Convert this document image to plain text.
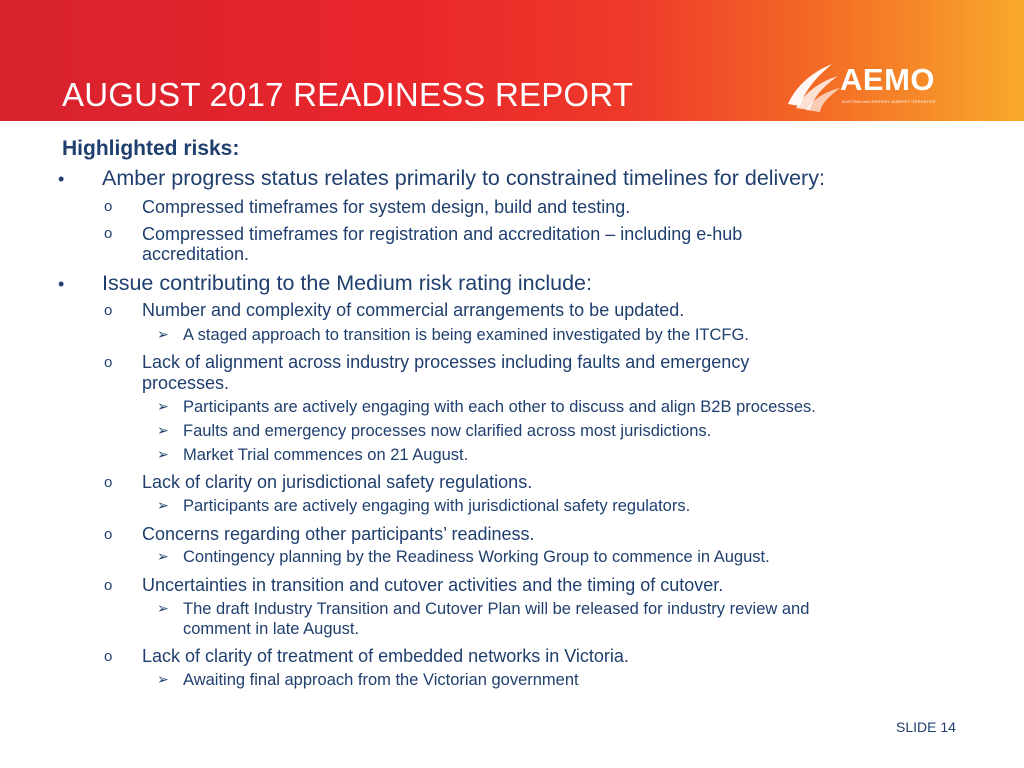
AUGUST 2017 READINESS REPORT	AEMO
AUSTRALIAN ENERGY MARKET OPERATOR
Highlighted risks:
• Amber progress status relates primarily to constrained timelines for delivery:
o Compressed timeframes for system design, build and testing.
o Compressed timeframes for registration and accreditation – including e-hub
accreditation.
• Issue contributing to the Medium risk rating include:
o Number and complexity of commercial arrangements to be updated.
➢ A staged approach to transition is being examined investigated by the ITCFG.
o Lack of alignment across industry processes including faults and emergency
processes.
➢ Participants are actively engaging with each other to discuss and align B2B processes.
➢ Faults and emergency processes now clarified across most jurisdictions.
➢ Market Trial commences on 21 August.
o Lack of clarity on jurisdictional safety regulations.
➢ Participants are actively engaging with jurisdictional safety regulators.
o Concerns regarding other participants’ readiness.
➢ Contingency planning by the Readiness Working Group to commence in August.
o Uncertainties in transition and cutover activities and the timing of cutover.
➢ The draft Industry Transition and Cutover Plan will be released for industry review and
comment in late August.
o Lack of clarity of treatment of embedded networks in Victoria.
➢ Awaiting final approach from the Victorian government
SLIDE 14
